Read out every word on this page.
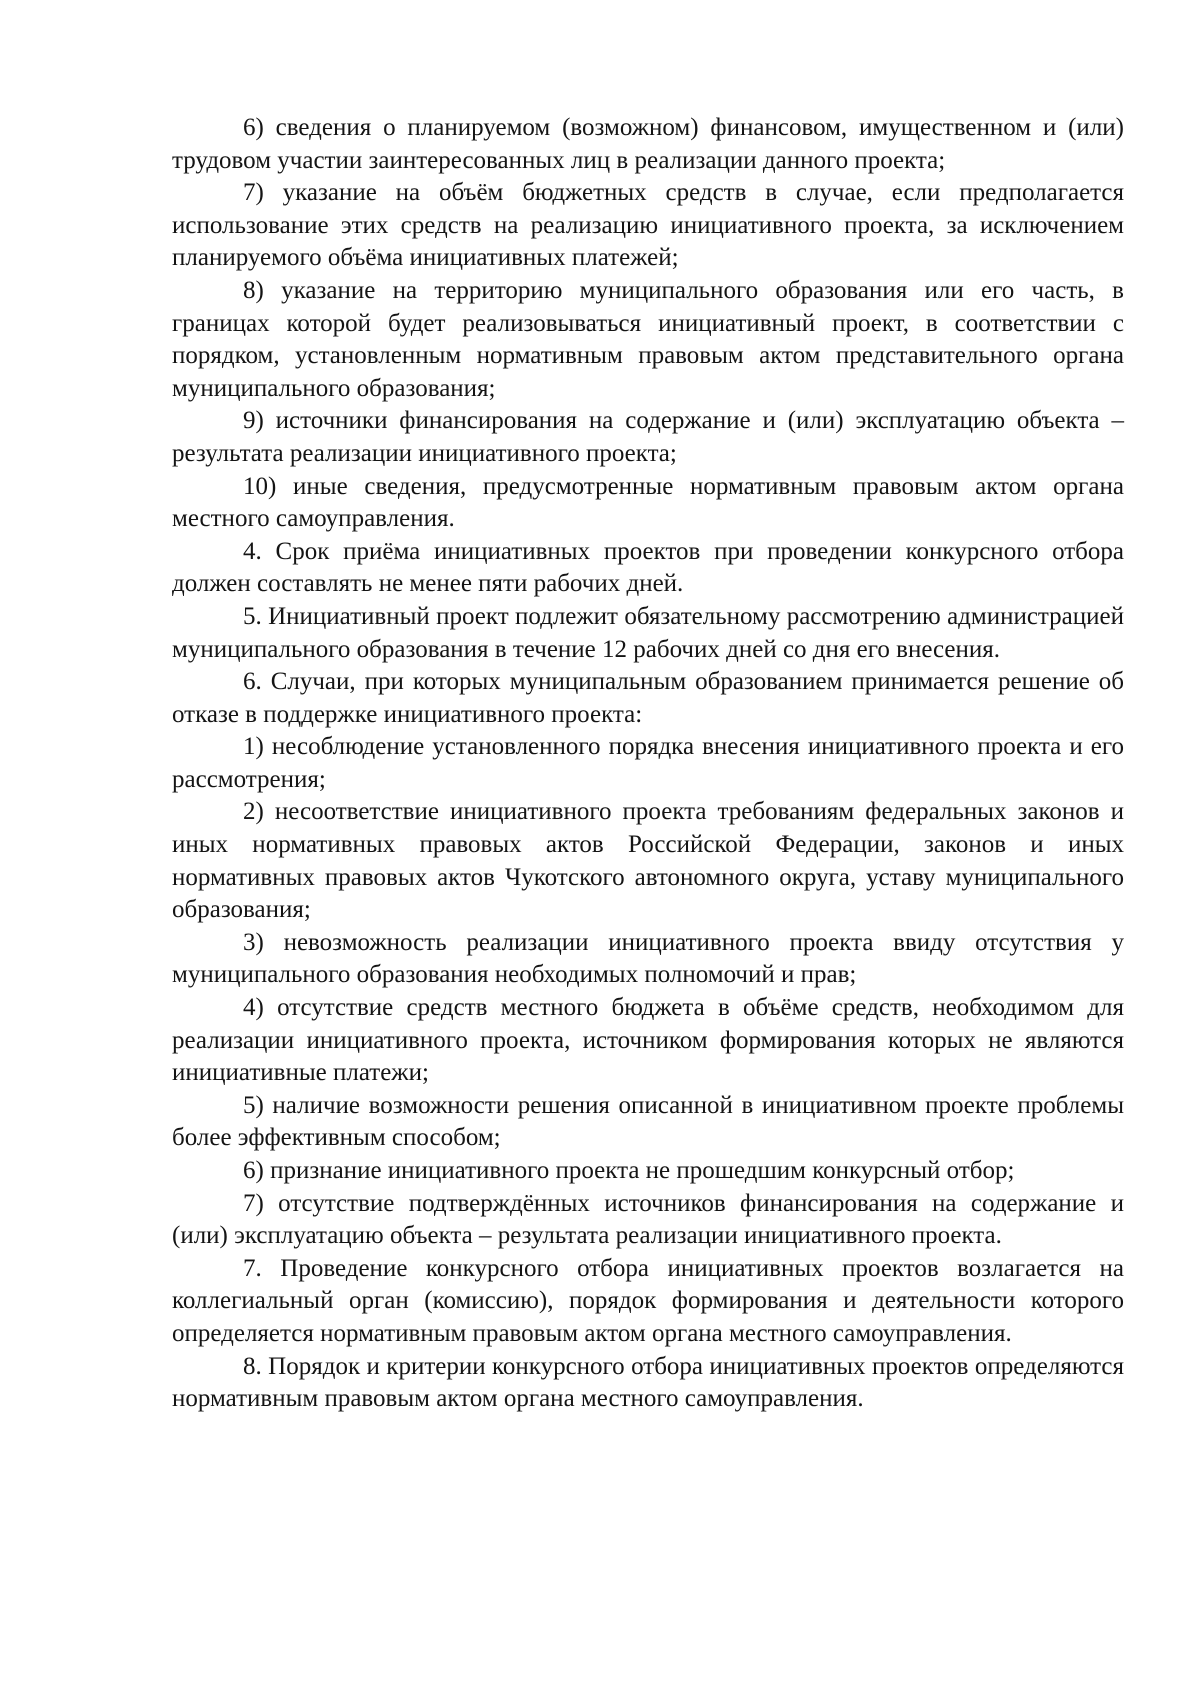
6) сведения о планируемом (возможном) финансовом, имущественном и (или) трудовом участии заинтересованных лиц в реализации данного проекта;

7) указание на объём бюджетных средств в случае, если предполагается использование этих средств на реализацию инициативного проекта, за исключением планируемого объёма инициативных платежей;

8) указание на территорию муниципального образования или его часть, в границах которой будет реализовываться инициативный проект, в соответствии с порядком, установленным нормативным правовым актом представительного органа муниципального образования;

9) источники финансирования на содержание и (или) эксплуатацию объекта – результата реализации инициативного проекта;

10) иные сведения, предусмотренные нормативным правовым актом органа местного самоуправления.

4. Срок приёма инициативных проектов при проведении конкурсного отбора должен составлять не менее пяти рабочих дней.

5. Инициативный проект подлежит обязательному рассмотрению администрацией муниципального образования в течение 12 рабочих дней со дня его внесения.

6. Случаи, при которых муниципальным образованием принимается решение об отказе в поддержке инициативного проекта:

1) несоблюдение установленного порядка внесения инициативного проекта и его рассмотрения;

2) несоответствие инициативного проекта требованиям федеральных законов и иных нормативных правовых актов Российской Федерации, законов и иных нормативных правовых актов Чукотского автономного округа, уставу муниципального образования;

3) невозможность реализации инициативного проекта ввиду отсутствия у муниципального образования необходимых полномочий и прав;

4) отсутствие средств местного бюджета в объёме средств, необходимом для реализации инициативного проекта, источником формирования которых не являются инициативные платежи;

5) наличие возможности решения описанной в инициативном проекте проблемы более эффективным способом;

6) признание инициативного проекта не прошедшим конкурсный отбор;

7) отсутствие подтверждённых источников финансирования на содержание и (или) эксплуатацию объекта – результата реализации инициативного проекта.

7. Проведение конкурсного отбора инициативных проектов возлагается на коллегиальный орган (комиссию), порядок формирования и деятельности которого определяется нормативным правовым актом органа местного самоуправления.

8. Порядок и критерии конкурсного отбора инициативных проектов определяются нормативным правовым актом органа местного самоуправления.
